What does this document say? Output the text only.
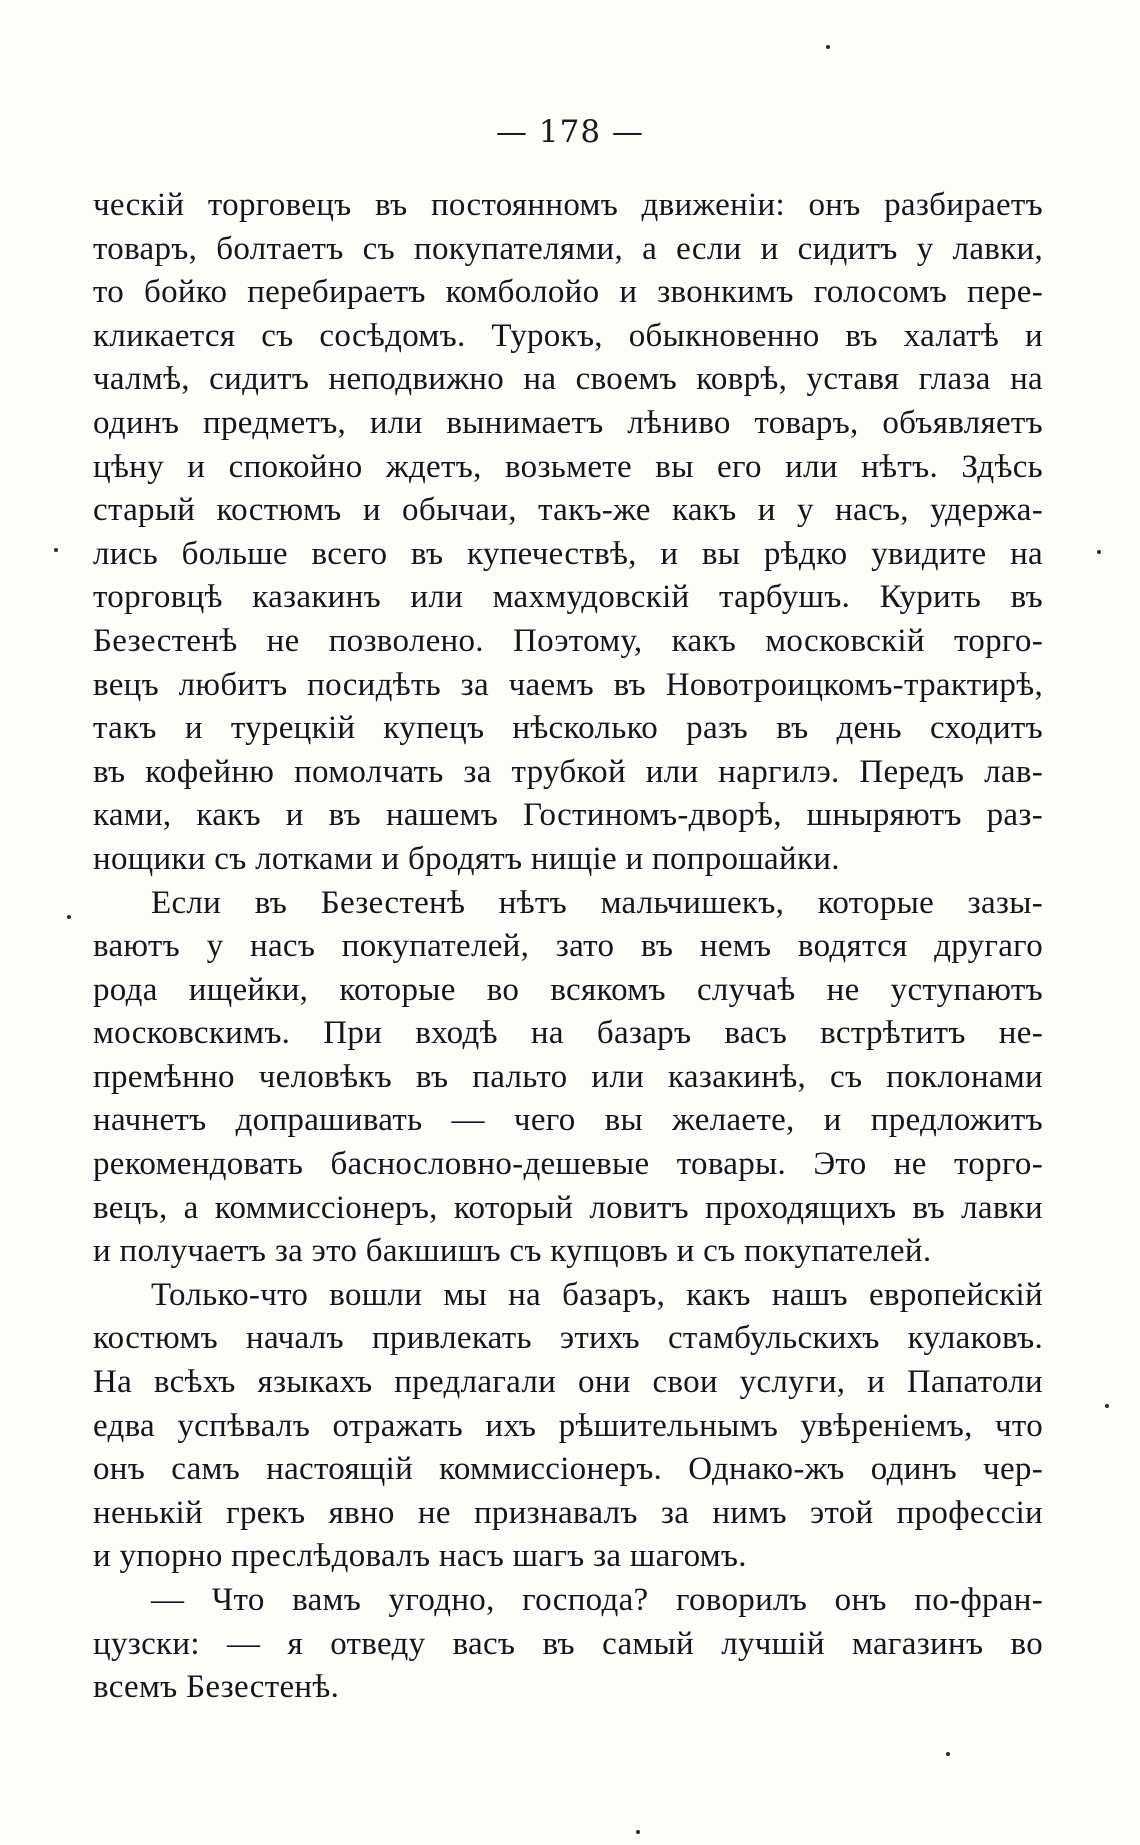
— 178 —
ческій торговецъ въ постоянномъ движеніи: онъ разбираетъ
товаръ, болтаетъ съ покупателями, а если и сидитъ у лавки,
то бойко перебираетъ комболойо и звонкимъ голосомъ пере-
кликается съ сосѣдомъ. Турокъ, обыкновенно въ халатѣ и
чалмѣ, сидитъ неподвижно на своемъ коврѣ, уставя глаза на
одинъ предметъ, или вынимаетъ лѣниво товаръ, объявляетъ
цѣну и спокойно ждетъ, возьмете вы его или нѣтъ. Здѣсь
старый костюмъ и обычаи, такъ-же какъ и у насъ, удержа-
лись больше всего въ купечествѣ, и вы рѣдко увидите на
торговцѣ казакинъ или махмудовскій тарбушъ. Курить въ
Безестенѣ не позволено. Поэтому, какъ московскій торго-
вецъ любитъ посидѣть за чаемъ въ Новотроицкомъ-трактирѣ,
такъ и турецкій купецъ нѣсколько разъ въ день сходитъ
въ кофейню помолчать за трубкой или наргилэ. Передъ лав-
ками, какъ и въ нашемъ Гостиномъ-дворѣ, шныряютъ раз-
нощики съ лотками и бродятъ нищіе и попрошайки.
Если въ Безестенѣ нѣтъ мальчишекъ, которые зазы-
ваютъ у насъ покупателей, зато въ немъ водятся другаго
рода ищейки, которые во всякомъ случаѣ не уступаютъ
московскимъ. При входѣ на базаръ васъ встрѣтитъ не-
премѣнно человѣкъ въ пальто или казакинѣ, съ поклонами
начнетъ допрашивать — чего вы желаете, и предложитъ
рекомендовать баснословно-дешевые товары. Это не торго-
вецъ, а коммиссіонеръ, который ловитъ проходящихъ въ лавки
и получаетъ за это бакшишъ съ купцовъ и съ покупателей.
Только-что вошли мы на базаръ, какъ нашъ европейскій
костюмъ началъ привлекать этихъ стамбульскихъ кулаковъ.
На всѣхъ языкахъ предлагали они свои услуги, и Папатоли
едва успѣвалъ отражать ихъ рѣшительнымъ увѣреніемъ, что
онъ самъ настоящій коммиссіонеръ. Однако-жъ одинъ чер-
ненькій грекъ явно не признавалъ за нимъ этой профессіи
и упорно преслѣдовалъ насъ шагъ за шагомъ.
— Что вамъ угодно, господа? говорилъ онъ по-фран-
цузски: — я отведу васъ въ самый лучшій магазинъ во
всемъ Безестенѣ.
